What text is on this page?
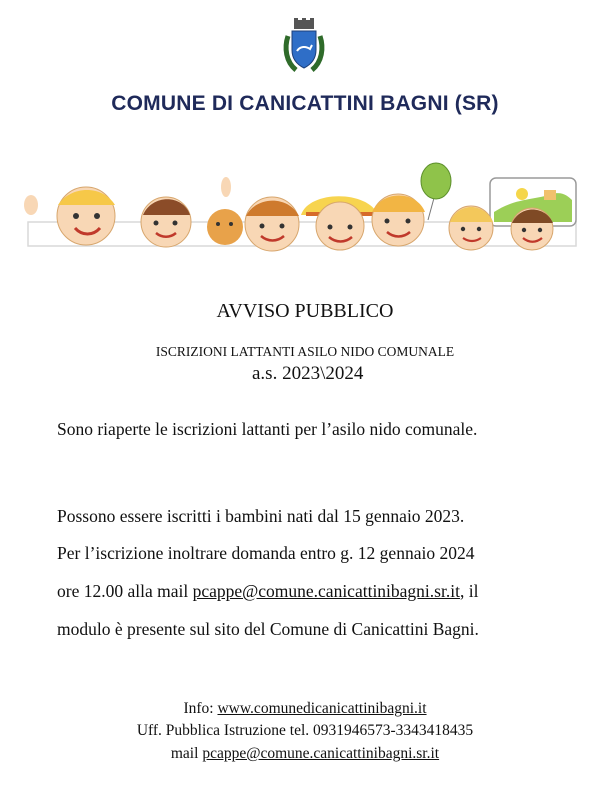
COMUNE DI CANICATTINI BAGNI (SR)
AVVISO PUBBLICO
ISCRIZIONI LATTANTI ASILO NIDO COMUNALE
a.s. 2023\2024
Sono riaperte le iscrizioni lattanti per l’asilo nido comunale.
Possono essere iscritti i bambini nati dal 15 gennaio 2023.
Per l’iscrizione inoltrare domanda entro g. 12 gennaio 2024
ore 12.00 alla mail pcappe@comune.canicattinibagni.sr.it, il
modulo è presente sul sito del Comune di Canicattini Bagni.
Info: www.comunedicanicattinibagni.it
Uff. Pubblica Istruzione tel. 0931946573-3343418435
mail pcappe@comune.canicattinibagni.sr.it
